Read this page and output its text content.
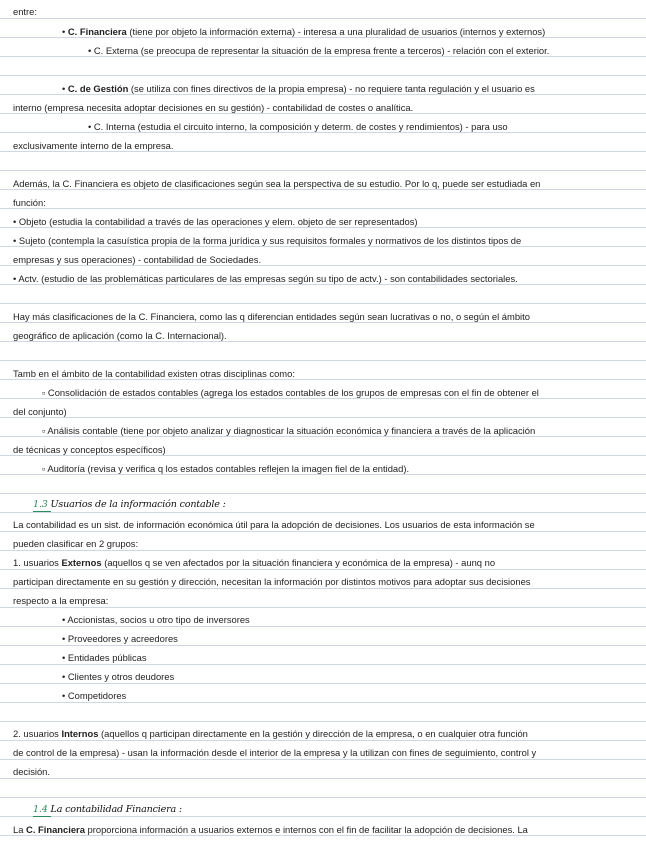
entre:
• C. Financiera (tiene por objeto la información externa) - interesa a una pluralidad de usuarios (internos y externos)
• C. Externa (se preocupa de representar la situación de la empresa frente a terceros) - relación con el exterior.
• C. de Gestión (se utiliza con fines directivos de la propia empresa) - no requiere tanta regulación y el usuario es
interno (empresa necesita adoptar decisiones en su gestión) - contabilidad de costes o analítica.
• C. Interna (estudia el circuito interno, la composición y determ. de costes y rendimientos) - para uso
exclusivamente interno de la empresa.
Además, la C. Financiera es objeto de clasificaciones según sea la perspectiva de su estudio. Por lo q, puede ser estudiada en
función:
• Objeto (estudia la contabilidad a través de las operaciones y elem. objeto de ser representados)
• Sujeto (contempla la casuística propia de la forma jurídica y sus requisitos formales y normativos de los distintos tipos de
empresas y sus operaciones) - contabilidad de Sociedades.
• Actv. (estudio de las problemáticas particulares de las empresas según su tipo de actv.) - son contabilidades sectoriales.
Hay más clasificaciones de la C. Financiera, como las q diferencian entidades según sean lucrativas o no, o según el ámbito
geográfico de aplicación (como la C. Internacional).
Tamb en el ámbito de la contabilidad existen otras disciplinas como:
▫ Consolidación de estados contables (agrega los estados contables de los grupos de empresas con el fin de obtener el
del conjunto)
▫ Análisis contable (tiene por objeto analizar y diagnosticar la situación económica y financiera a través de la aplicación
de técnicas y conceptos específicos)
▫ Auditoría (revisa y verifica q los estados contables reflejen la imagen fiel de la entidad).
1.3 Usuarios de la información contable :
La contabilidad es un sist. de información económica útil para la adopción de decisiones. Los usuarios de esta información se
pueden clasificar en 2 grupos:
1. usuarios Externos (aquellos q se ven afectados por la situación financiera y económica de la empresa) - aunq no
participan directamente en su gestión y dirección, necesitan la información por distintos motivos para adoptar sus decisiones
respecto a la empresa:
• Accionistas, socios u otro tipo de inversores
• Proveedores y acreedores
• Entidades públicas
• Clientes y otros deudores
• Competidores
2. usuarios Internos (aquellos q participan directamente en la gestión y dirección de la empresa, o en cualquier otra función
de control de la empresa) - usan la información desde el interior de la empresa y la utilizan con fines de seguimiento, control y
decisión.
1.4 La contabilidad Financiera :
La C. Financiera proporciona información a usuarios externos e internos con el fin de facilitar la adopción de decisiones. La
